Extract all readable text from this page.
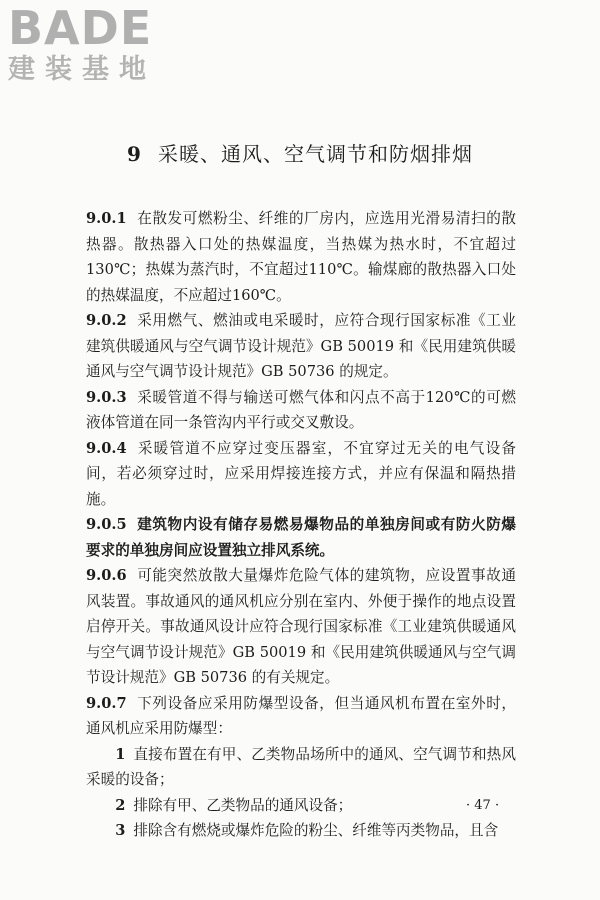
BADE
建装基地
9 采暖、通风、空气调节和防烟排烟

9.0.1 在散发可燃粉尘、纤维的厂房内，应选用光滑易清扫的散热器。散热器入口处的热媒温度，当热媒为热水时，不宜超过130℃；热媒为蒸汽时，不宜超过110℃。输煤廊的散热器入口处的热媒温度，不应超过160℃。

9.0.2 采用燃气、燃油或电采暖时，应符合现行国家标准《工业建筑供暖通风与空气调节设计规范》GB 50019 和《民用建筑供暖通风与空气调节设计规范》GB 50736 的规定。

9.0.3 采暖管道不得与输送可燃气体和闪点不高于120℃的可燃液体管道在同一条管沟内平行或交叉敷设。

9.0.4 采暖管道不应穿过变压器室，不宜穿过无关的电气设备间，若必须穿过时，应采用焊接连接方式，并应有保温和隔热措施。

9.0.5 建筑物内设有储存易燃易爆物品的单独房间或有防火防爆要求的单独房间应设置独立排风系统。

9.0.6 可能突然放散大量爆炸危险气体的建筑物，应设置事故通风装置。事故通风的通风机应分别在室内、外便于操作的地点设置启停开关。事故通风设计应符合现行国家标准《工业建筑供暖通风与空气调节设计规范》GB 50019 和《民用建筑供暖通风与空气调节设计规范》GB 50736 的有关规定。

9.0.7 下列设备应采用防爆型设备，但当通风机布置在室外时，通风机应采用防爆型：

1 直接布置在有甲、乙类物品场所中的通风、空气调节和热风采暖的设备；

2 排除有甲、乙类物品的通风设备；

3 排除含有燃烧或爆炸危险的粉尘、纤维等丙类物品，且含

· 47 ·
